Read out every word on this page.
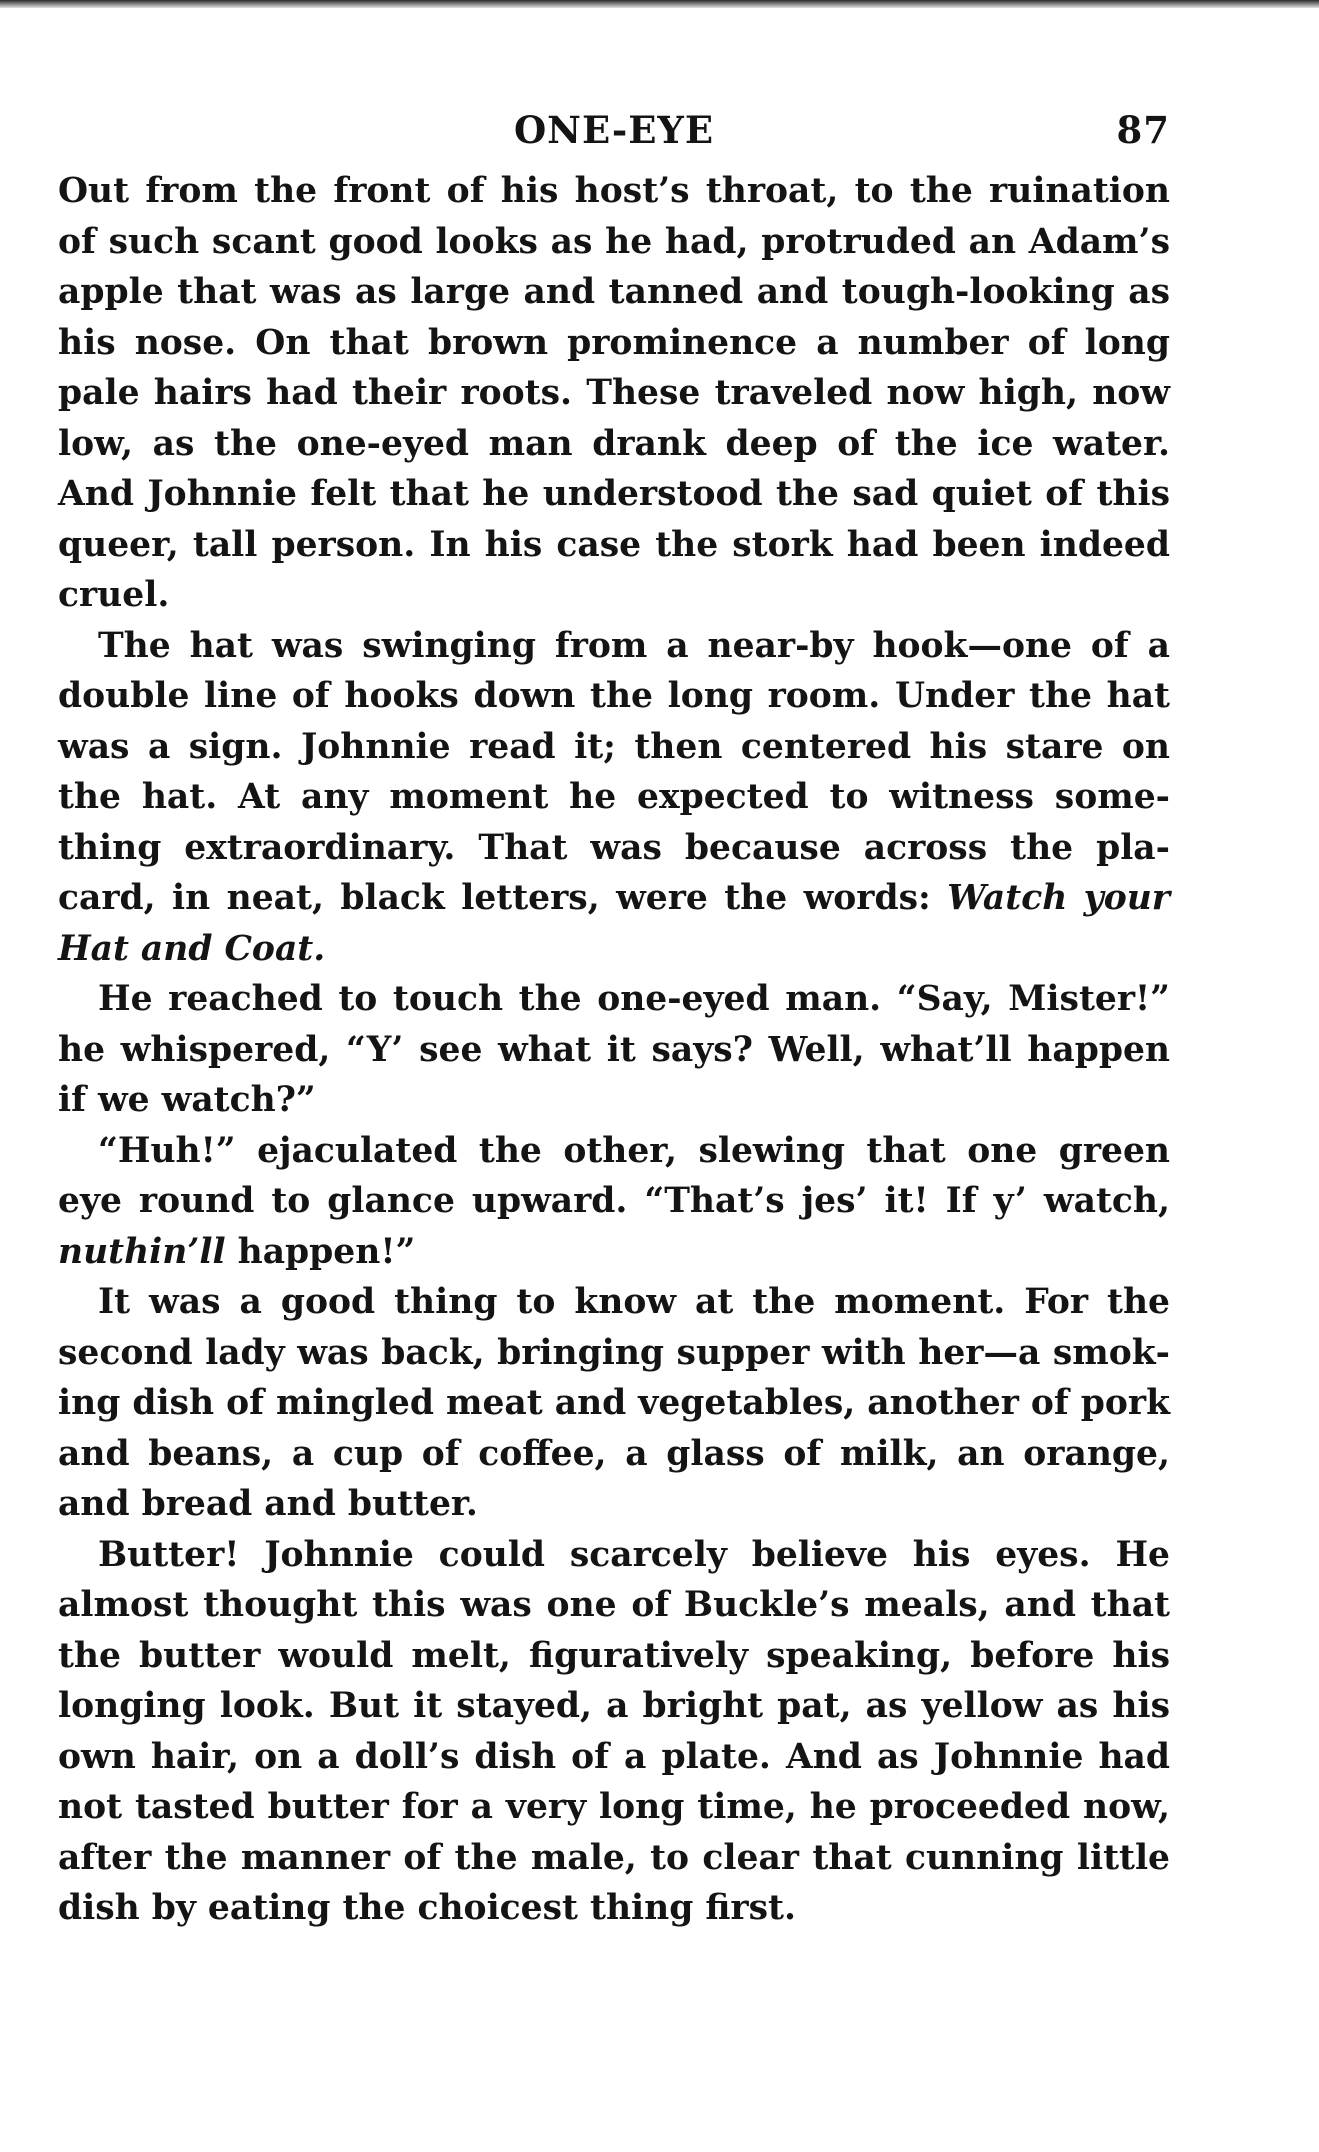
ONE-EYE	87

Out from the front of his host’s throat, to the ruination of such scant good looks as he had, protruded an Adam’s apple that was as large and tanned and tough-looking as his nose. On that brown prominence a number of long pale hairs had their roots. These traveled now high, now low, as the one-eyed man drank deep of the ice water. And Johnnie felt that he understood the sad quiet of this queer, tall person. In his case the stork had been indeed cruel.

The hat was swinging from a near-by hook—one of a double line of hooks down the long room. Under the hat was a sign. Johnnie read it; then centered his stare on the hat. At any moment he expected to witness something extraordinary. That was because across the placard, in neat, black letters, were the words: Watch your Hat and Coat.

He reached to touch the one-eyed man. “Say, Mister!” he whispered, “Y’ see what it says? Well, what’ll happen if we watch?”

“Huh!” ejaculated the other, slewing that one green eye round to glance upward. “That’s jes’ it! If y’ watch, nuthin’ll happen!”

It was a good thing to know at the moment. For the second lady was back, bringing supper with her—a smoking dish of mingled meat and vegetables, another of pork and beans, a cup of coffee, a glass of milk, an orange, and bread and butter.

Butter! Johnnie could scarcely believe his eyes. He almost thought this was one of Buckle’s meals, and that the butter would melt, figuratively speaking, before his longing look. But it stayed, a bright pat, as yellow as his own hair, on a doll’s dish of a plate. And as Johnnie had not tasted butter for a very long time, he proceeded now, after the manner of the male, to clear that cunning little dish by eating the choicest thing first.
